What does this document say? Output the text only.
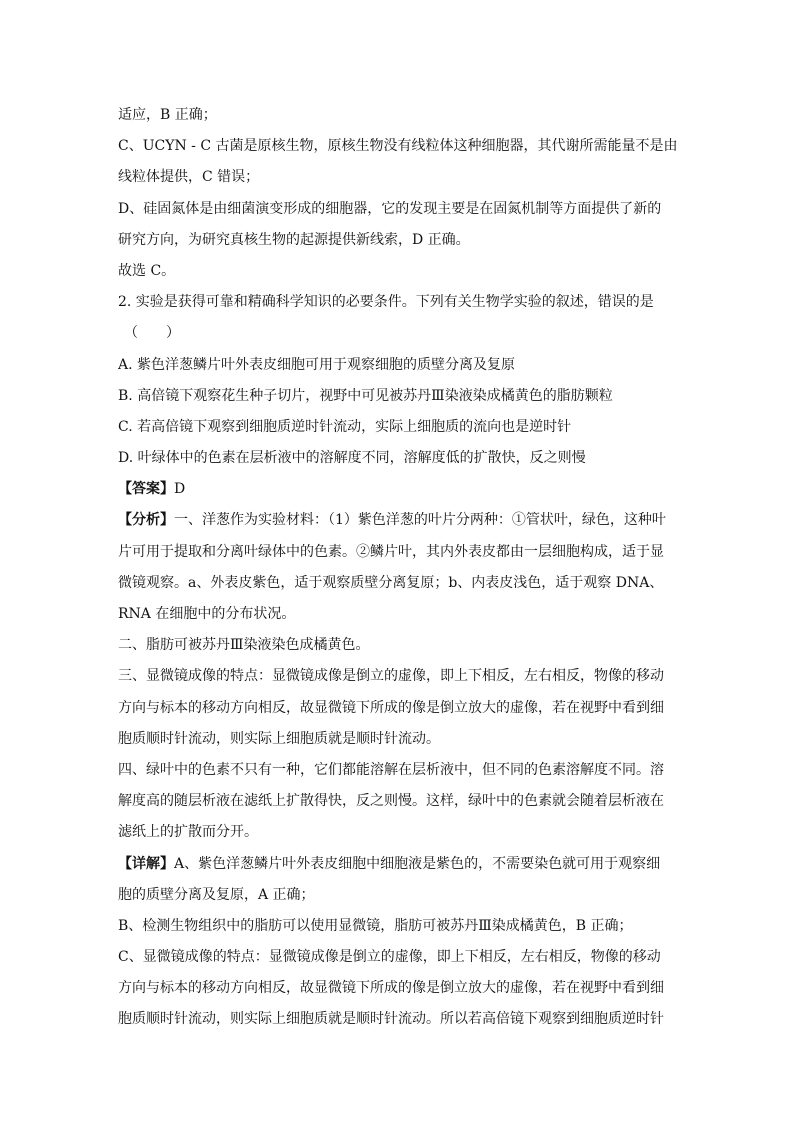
适应，B 正确；
C、UCYN - C 古菌是原核生物，原核生物没有线粒体这种细胞器，其代谢所需能量不是由
线粒体提供，C 错误；
D、硅固氮体是由细菌演变形成的细胞器，它的发现主要是在固氮机制等方面提供了新的
研究方向，为研究真核生物的起源提供新线索，D 正确。
故选 C。
2. 实验是获得可靠和精确科学知识的必要条件。下列有关生物学实验的叙述，错误的是
（　　）
A. 紫色洋葱鳞片叶外表皮细胞可用于观察细胞的质壁分离及复原
B. 高倍镜下观察花生种子切片，视野中可见被苏丹Ⅲ染液染成橘黄色的脂肪颗粒
C. 若高倍镜下观察到细胞质逆时针流动，实际上细胞质的流向也是逆时针
D. 叶绿体中的色素在层析液中的溶解度不同，溶解度低的扩散快，反之则慢
【答案】D
【分析】一、洋葱作为实验材料：（1）紫色洋葱的叶片分两种：①管状叶，绿色，这种叶
片可用于提取和分离叶绿体中的色素。②鳞片叶，其内外表皮都由一层细胞构成，适于显
微镜观察。a、外表皮紫色，适于观察质壁分离复原；b、内表皮浅色，适于观察 DNA、
RNA 在细胞中的分布状况。
二、脂肪可被苏丹Ⅲ染液染色成橘黄色。
三、显微镜成像的特点：显微镜成像是倒立的虚像，即上下相反，左右相反，物像的移动
方向与标本的移动方向相反，故显微镜下所成的像是倒立放大的虚像，若在视野中看到细
胞质顺时针流动，则实际上细胞质就是顺时针流动。
四、绿叶中的色素不只有一种，它们都能溶解在层析液中，但不同的色素溶解度不同。溶
解度高的随层析液在滤纸上扩散得快，反之则慢。这样，绿叶中的色素就会随着层析液在
滤纸上的扩散而分开。
【详解】A、紫色洋葱鳞片叶外表皮细胞中细胞液是紫色的，不需要染色就可用于观察细
胞的质壁分离及复原，A 正确；
B、检测生物组织中的脂肪可以使用显微镜，脂肪可被苏丹Ⅲ染成橘黄色，B 正确；
C、显微镜成像的特点：显微镜成像是倒立的虚像，即上下相反，左右相反，物像的移动
方向与标本的移动方向相反，故显微镜下所成的像是倒立放大的虚像，若在视野中看到细
胞质顺时针流动，则实际上细胞质就是顺时针流动。所以若高倍镜下观察到细胞质逆时针
